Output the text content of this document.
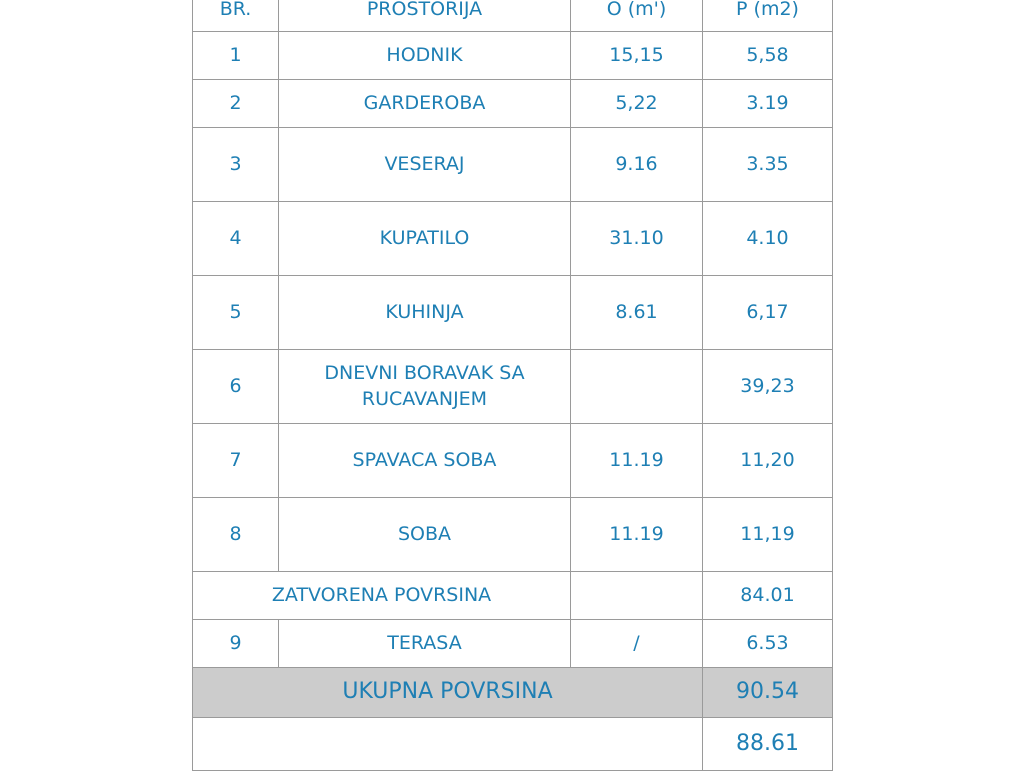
BR.	PROSTORIJA	O (m')	P (m2)
1	HODNIK	15,15	5,58
2	GARDEROBA	5,22	3.19
3	VESERAJ	9.16	3.35
4	KUPATILO	31.10	4.10
5	KUHINJA	8.61	6,17
6	DNEVNI BORAVAK SA RUCAVANJEM		39,23
7	SPAVACA SOBA	11.19	11,20
8	SOBA	11.19	11,19
ZATVORENA POVRSINA			84.01
9	TERASA	/	6.53
UKUPNA POVRSINA			90.54
			88.61
